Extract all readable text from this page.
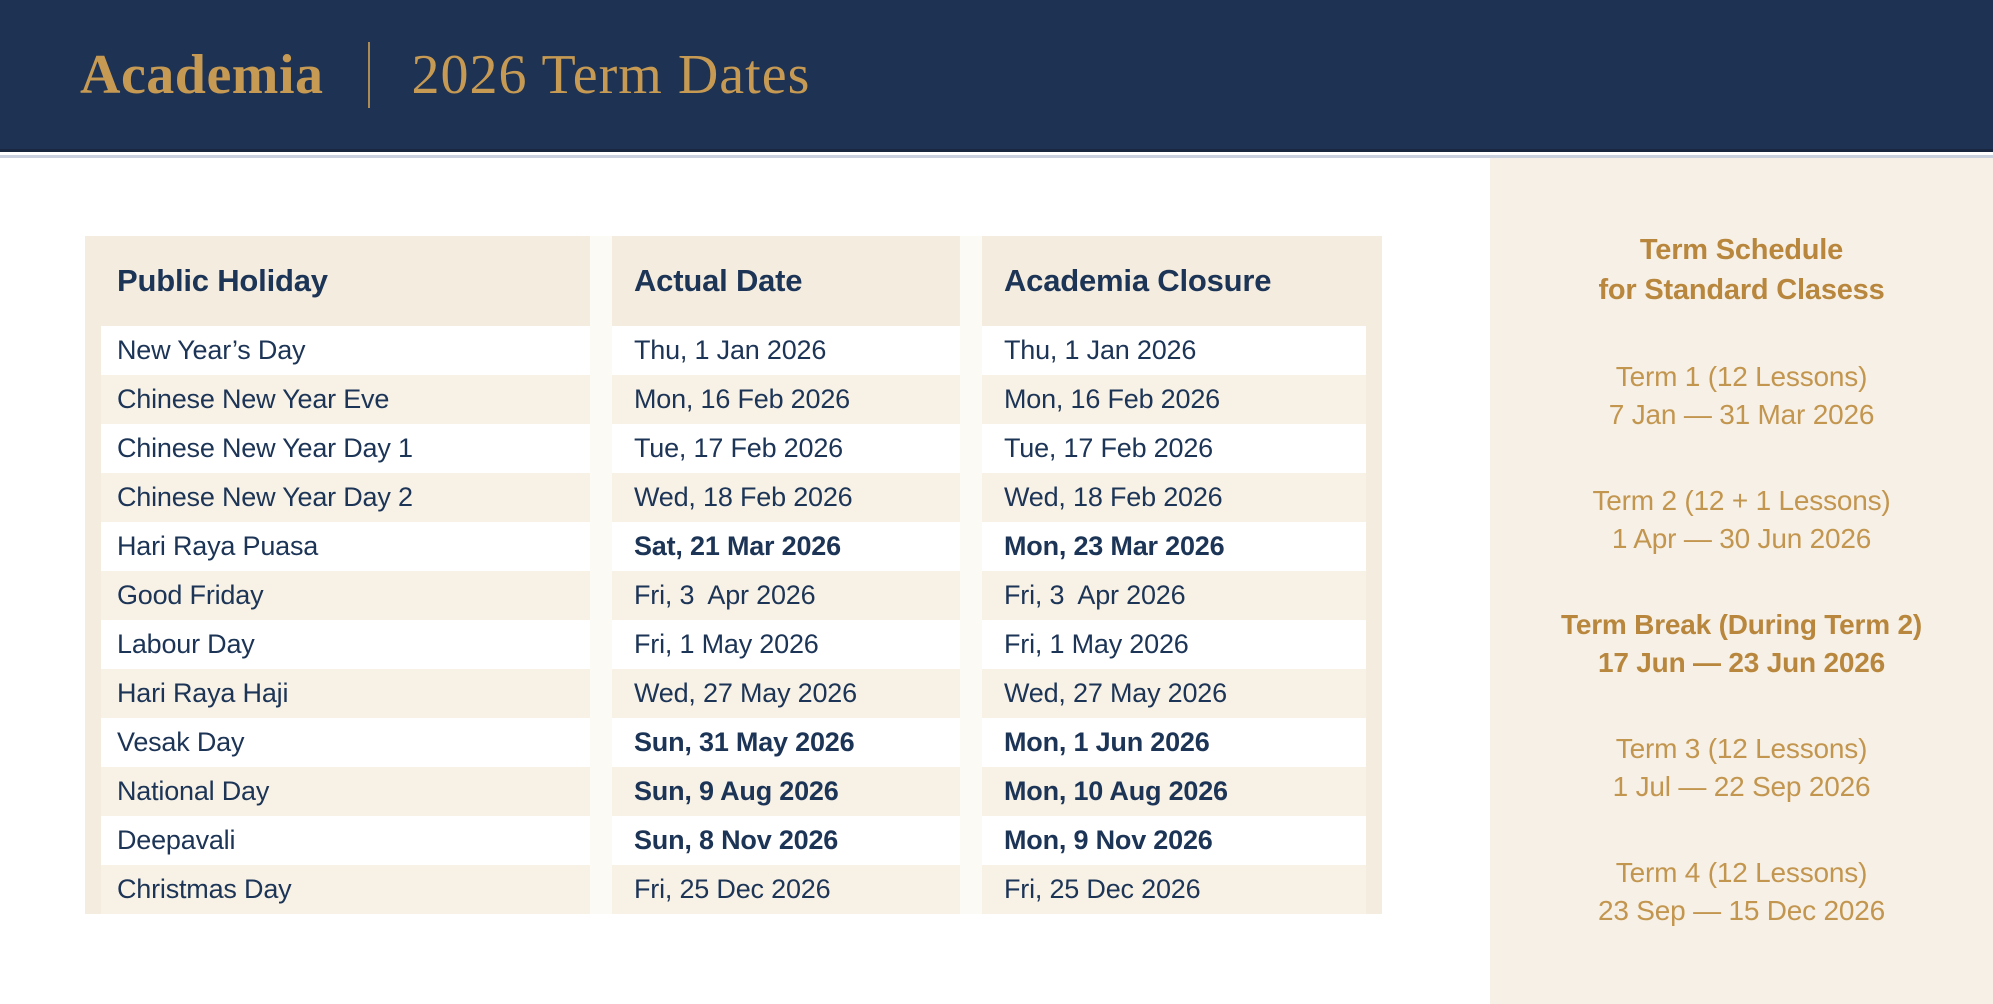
Academia 2026 Term Dates
Public Holiday	Actual Date	Academia Closure
New Year’s Day	Thu, 1 Jan 2026	Thu, 1 Jan 2026
Chinese New Year Eve	Mon, 16 Feb 2026	Mon, 16 Feb 2026
Chinese New Year Day 1	Tue, 17 Feb 2026	Tue, 17 Feb 2026
Chinese New Year Day 2	Wed, 18 Feb 2026	Wed, 18 Feb 2026
Hari Raya Puasa	Sat, 21 Mar 2026	Mon, 23 Mar 2026
Good Friday	Fri, 3  Apr 2026	Fri, 3  Apr 2026
Labour Day	Fri, 1 May 2026	Fri, 1 May 2026
Hari Raya Haji	Wed, 27 May 2026	Wed, 27 May 2026
Vesak Day	Sun, 31 May 2026	Mon, 1 Jun 2026
National Day	Sun, 9 Aug 2026	Mon, 10 Aug 2026
Deepavali	Sun, 8 Nov 2026	Mon, 9 Nov 2026
Christmas Day	Fri, 25 Dec 2026	Fri, 25 Dec 2026
Term Schedule
for Standard Clasess
Term 1 (12 Lessons)
7 Jan — 31 Mar 2026
Term 2 (12 + 1 Lessons)
1 Apr — 30 Jun 2026
Term Break (During Term 2)
17 Jun — 23 Jun 2026
Term 3 (12 Lessons)
1 Jul — 22 Sep 2026
Term 4 (12 Lessons)
23 Sep — 15 Dec 2026
